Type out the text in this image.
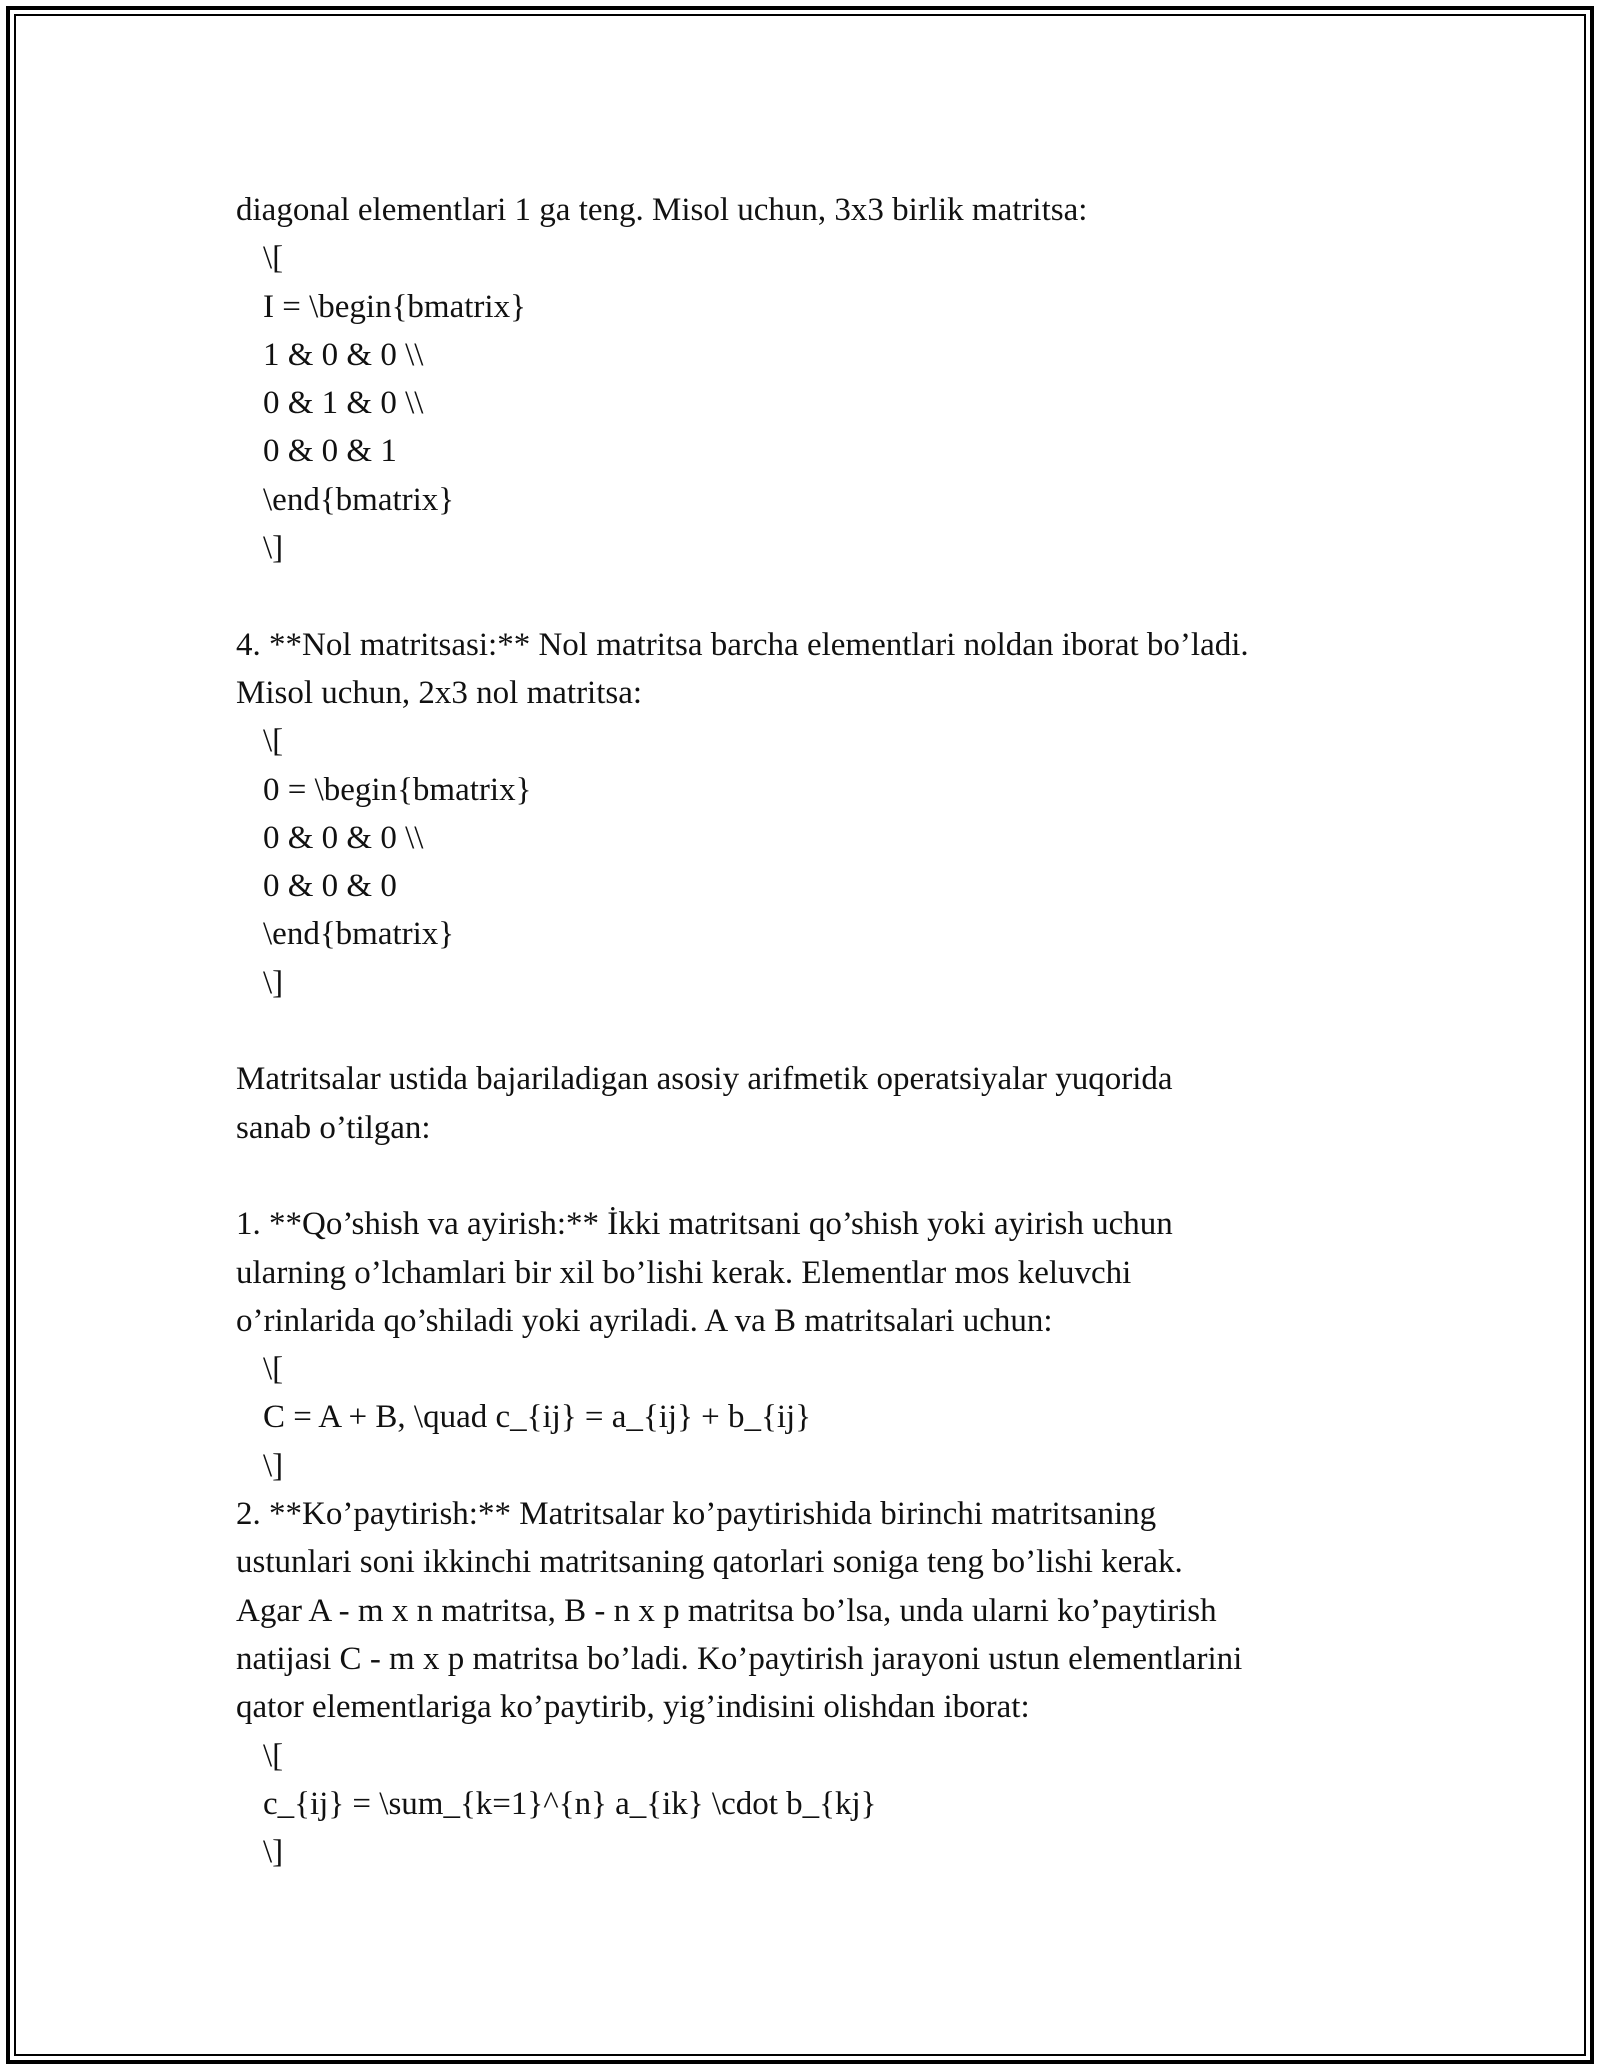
diagonal elementlari 1 ga teng. Misol uchun, 3x3 birlik matritsa:
\[
I = \begin{bmatrix}
1 & 0 & 0 \\
0 & 1 & 0 \\
0 & 0 & 1
\end{bmatrix}
\]
4. **Nol matritsasi:** Nol matritsa barcha elementlari noldan iborat bo’ladi.
Misol uchun, 2x3 nol matritsa:
\[
0 = \begin{bmatrix}
0 & 0 & 0 \\
0 & 0 & 0
\end{bmatrix}
\]
Matritsalar ustida bajariladigan asosiy arifmetik operatsiyalar yuqorida
sanab o’tilgan:
1. **Qo’shish va ayirish:** İkki matritsani qo’shish yoki ayirish uchun
ularning o’lchamlari bir xil bo’lishi kerak. Elementlar mos keluvchi
o’rinlarida qo’shiladi yoki ayriladi. A va B matritsalari uchun:
\[
C = A + B, \quad c_{ij} = a_{ij} + b_{ij}
\]
2. **Ko’paytirish:** Matritsalar ko’paytirishida birinchi matritsaning
ustunlari soni ikkinchi matritsaning qatorlari soniga teng bo’lishi kerak.
Agar A - m x n matritsa, B - n x p matritsa bo’lsa, unda ularni ko’paytirish
natijasi C - m x p matritsa bo’ladi. Ko’paytirish jarayoni ustun elementlarini
qator elementlariga ko’paytirib, yig’indisini olishdan iborat:
\[
c_{ij} = \sum_{k=1}^{n} a_{ik} \cdot b_{kj}
\]
